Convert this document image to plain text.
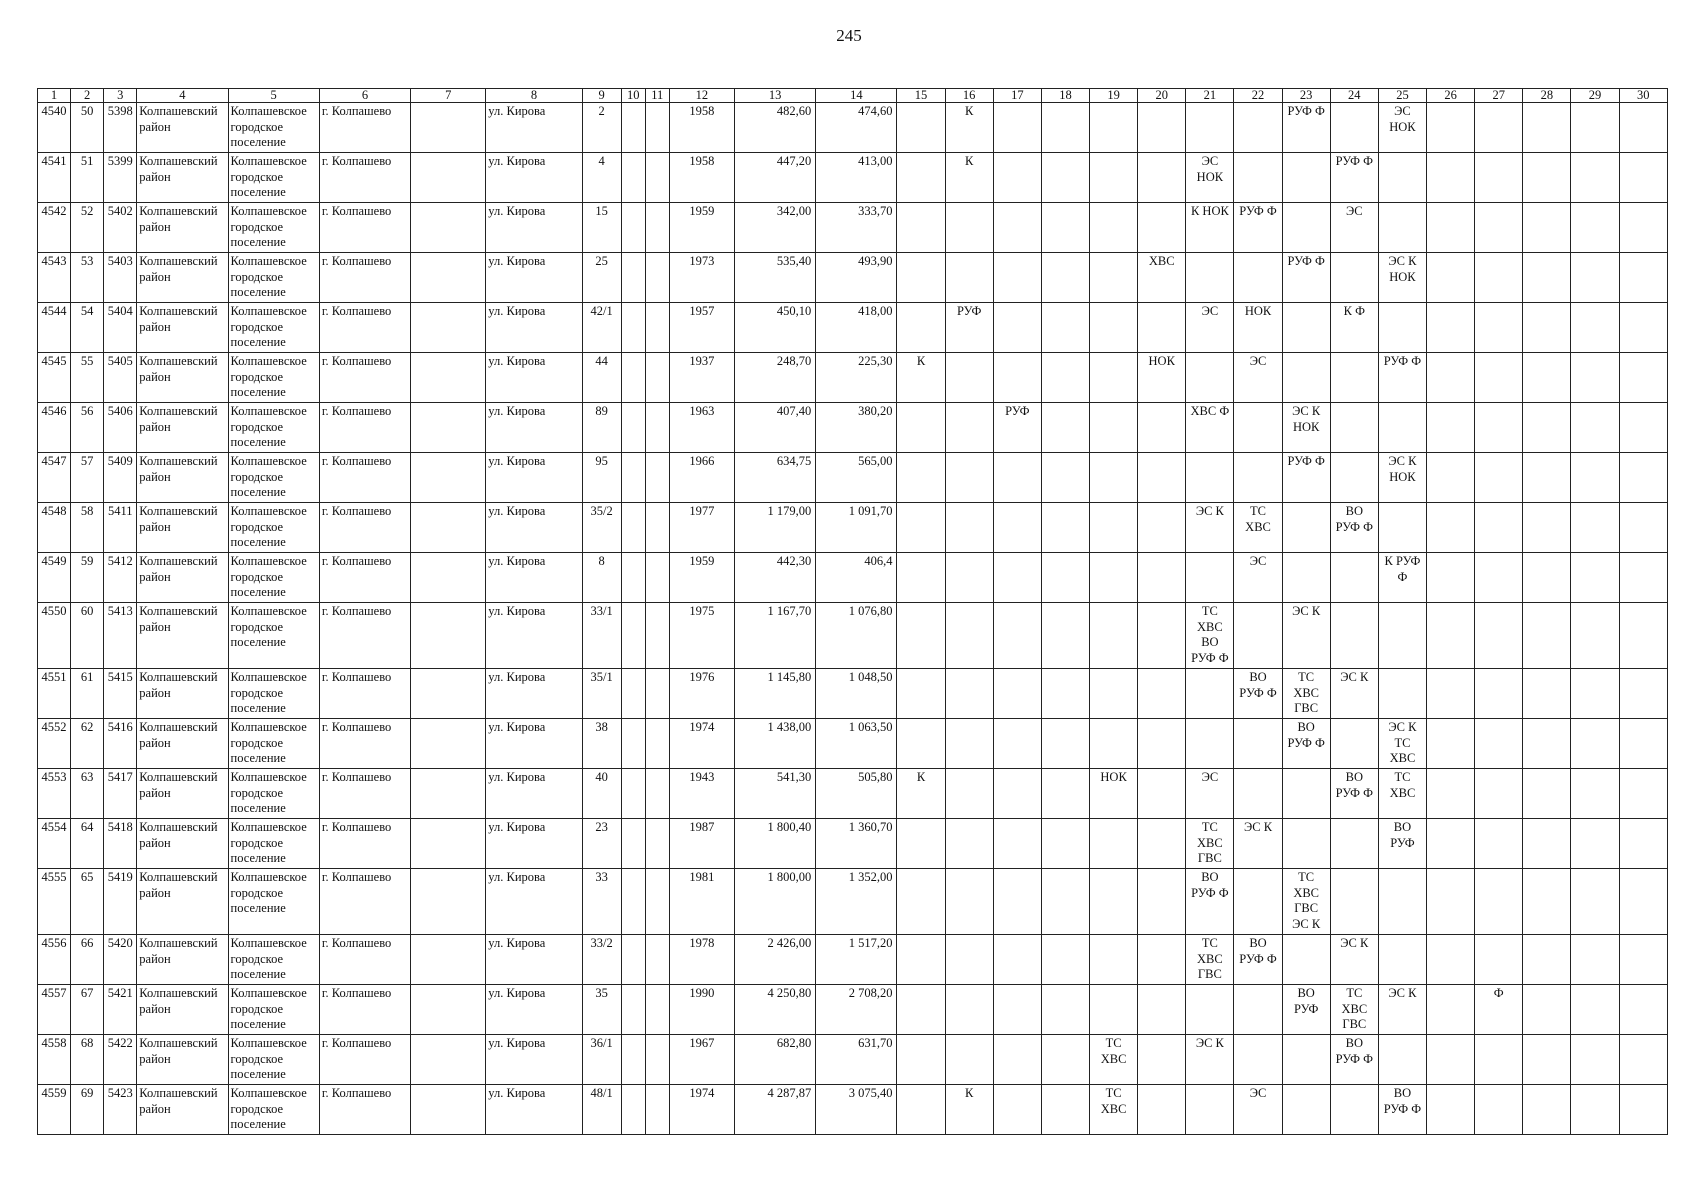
245
1	2	3	4	5	6	7	8	9	10	11	12	13	14	15	16	17	18	19	20	21	22	23	24	25	26	27	28	29	30
4540	50	5398	Колпашевский район	Колпашевское городское поселение	г. Колпашево		ул. Кирова	2			1958	482,60	474,60		К							РУФ Ф		ЭС НОК					
4541	51	5399	Колпашевский район	Колпашевское городское поселение	г. Колпашево		ул. Кирова	4			1958	447,20	413,00		К					ЭС НОК			РУФ Ф						
4542	52	5402	Колпашевский район	Колпашевское городское поселение	г. Колпашево		ул. Кирова	15			1959	342,00	333,70							К НОК	РУФ Ф		ЭС						
4543	53	5403	Колпашевский район	Колпашевское городское поселение	г. Колпашево		ул. Кирова	25			1973	535,40	493,90						ХВС			РУФ Ф		ЭС К НОК					
4544	54	5404	Колпашевский район	Колпашевское городское поселение	г. Колпашево		ул. Кирова	42/1			1957	450,10	418,00		РУФ					ЭС	НОК		К Ф						
4545	55	5405	Колпашевский район	Колпашевское городское поселение	г. Колпашево		ул. Кирова	44			1937	248,70	225,30	К					НОК		ЭС			РУФ Ф					
4546	56	5406	Колпашевский район	Колпашевское городское поселение	г. Колпашево		ул. Кирова	89			1963	407,40	380,20			РУФ				ХВС Ф		ЭС К НОК							
4547	57	5409	Колпашевский район	Колпашевское городское поселение	г. Колпашево		ул. Кирова	95			1966	634,75	565,00									РУФ Ф		ЭС К НОК					
4548	58	5411	Колпашевский район	Колпашевское городское поселение	г. Колпашево		ул. Кирова	35/2			1977	1 179,00	1 091,70							ЭС К	ТС ХВС		ВО РУФ Ф						
4549	59	5412	Колпашевский район	Колпашевское городское поселение	г. Колпашево		ул. Кирова	8			1959	442,30	406,4								ЭС			К РУФ Ф					
4550	60	5413	Колпашевский район	Колпашевское городское поселение	г. Колпашево		ул. Кирова	33/1			1975	1 167,70	1 076,80							ТС ХВС ВО РУФ Ф		ЭС К							
4551	61	5415	Колпашевский район	Колпашевское городское поселение	г. Колпашево		ул. Кирова	35/1			1976	1 145,80	1 048,50								ВО РУФ Ф	ТС ХВС ГВС	ЭС К						
4552	62	5416	Колпашевский район	Колпашевское городское поселение	г. Колпашево		ул. Кирова	38			1974	1 438,00	1 063,50									ВО РУФ Ф		ЭС К ТС ХВС					
4553	63	5417	Колпашевский район	Колпашевское городское поселение	г. Колпашево		ул. Кирова	40			1943	541,30	505,80	К				НОК		ЭС			ВО РУФ Ф	ТС ХВС					
4554	64	5418	Колпашевский район	Колпашевское городское поселение	г. Колпашево		ул. Кирова	23			1987	1 800,40	1 360,70							ТС ХВС ГВС	ЭС К			ВО РУФ					
4555	65	5419	Колпашевский район	Колпашевское городское поселение	г. Колпашево		ул. Кирова	33			1981	1 800,00	1 352,00							ВО РУФ Ф		ТС ХВС ГВС ЭС К							
4556	66	5420	Колпашевский район	Колпашевское городское поселение	г. Колпашево		ул. Кирова	33/2			1978	2 426,00	1 517,20							ТС ХВС ГВС	ВО РУФ Ф		ЭС К						
4557	67	5421	Колпашевский район	Колпашевское городское поселение	г. Колпашево		ул. Кирова	35			1990	4 250,80	2 708,20									ВО РУФ	ТС ХВС ГВС	ЭС К		Ф			
4558	68	5422	Колпашевский район	Колпашевское городское поселение	г. Колпашево		ул. Кирова	36/1			1967	682,80	631,70					ТС ХВС		ЭС К			ВО РУФ Ф						
4559	69	5423	Колпашевский район	Колпашевское городское поселение	г. Колпашево		ул. Кирова	48/1			1974	4 287,87	3 075,40		К			ТС ХВС			ЭС			ВО РУФ Ф					
